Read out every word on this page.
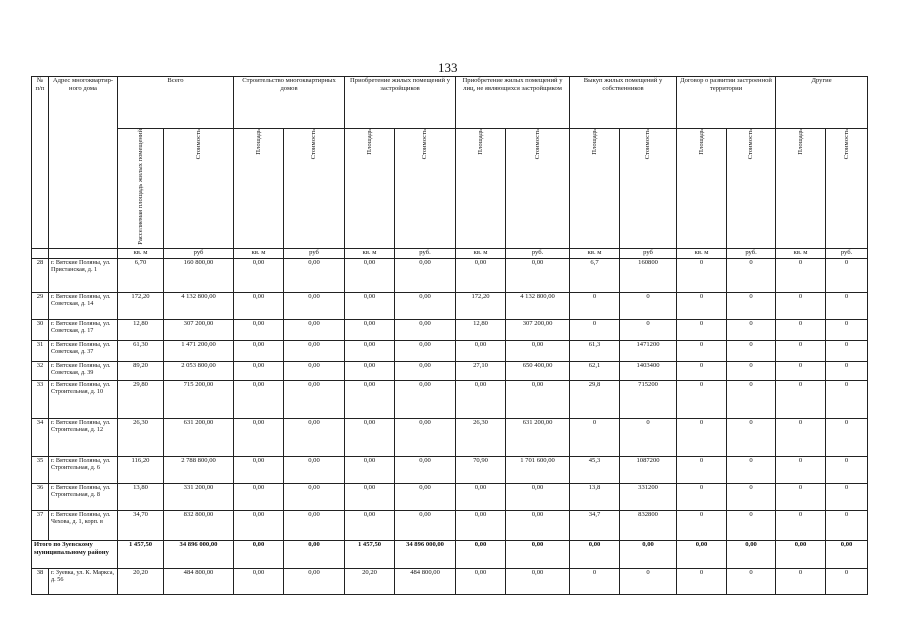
133
№ п/п	Адрес многоквартир-ного дома	Всего		Строительство многоквартирных домов		Приобретение жилых помещений у застройщиков		Приобретение жилых помещений у лиц, не являющихся застройщиком		Выкуп жилых помещений у собственников		Договор о развитии застроенной территории		Другие	
		Расселяемая площадь жилых помещений	Стоимость	Площадь	Стоимость	Площадь	Стоимость	Площадь	Стоимость	Площадь	Стоимость	Площадь	Стоимость	Площадь	Стоимость
		кв. м	руб	кв. м	руб	кв. м	руб.	кв. м	руб.	кв. м	руб	кв. м	руб.	кв. м	руб.
28	г. Вятские Поляны, ул. Пристанская, д. 1	6,70	160 800,00	0,00	0,00	0,00	0,00	0,00	0,00	6,7	160800	0	0	0	0
29	г. Вятские Поляны, ул. Советская, д. 14	172,20	4 132 800,00	0,00	0,00	0,00	0,00	172,20	4 132 800,00	0	0	0	0	0	0
30	г. Вятские Поляны, ул. Советская, д. 17	12,80	307 200,00	0,00	0,00	0,00	0,00	12,80	307 200,00	0	0	0	0	0	0
31	г. Вятские Поляны, ул. Советская, д. 37	61,30	1 471 200,00	0,00	0,00	0,00	0,00	0,00	0,00	61,3	1471200	0	0	0	0
32	г. Вятские Поляны, ул. Советская, д. 39	89,20	2 053 800,00	0,00	0,00	0,00	0,00	27,10	650 400,00	62,1	1403400	0	0	0	0
33	г. Вятские Поляны, ул. Строительная, д. 10	29,80	715 200,00	0,00	0,00	0,00	0,00	0,00	0,00	29,8	715200	0	0	0	0
34	г. Вятские Поляны, ул. Строительная, д. 12	26,30	631 200,00	0,00	0,00	0,00	0,00	26,30	631 200,00	0	0	0	0	0	0
35	г. Вятские Поляны, ул. Строительная, д. 6	116,20	2 788 800,00	0,00	0,00	0,00	0,00	70,90	1 701 600,00	45,3	1087200	0	0	0	0
36	г. Вятские Поляны, ул. Строительная, д. 8	13,80	331 200,00	0,00	0,00	0,00	0,00	0,00	0,00	13,8	331200	0	0	0	0
37	г. Вятские Поляны, ул. Чехова, д. 1, корп. в	34,70	832 800,00	0,00	0,00	0,00	0,00	0,00	0,00	34,7	832800	0	0	0	0
Итого по Зуевскому муниципальному району		1 457,50	34 896 000,00	0,00	0,00	1 457,50	34 896 000,00	0,00	0,00	0,00	0,00	0,00	0,00	0,00	0,00
38	г. Зуевка, ул. К. Маркса, д. 56	20,20	484 800,00	0,00	0,00	20,20	484 800,00	0,00	0,00	0	0	0	0	0	0
